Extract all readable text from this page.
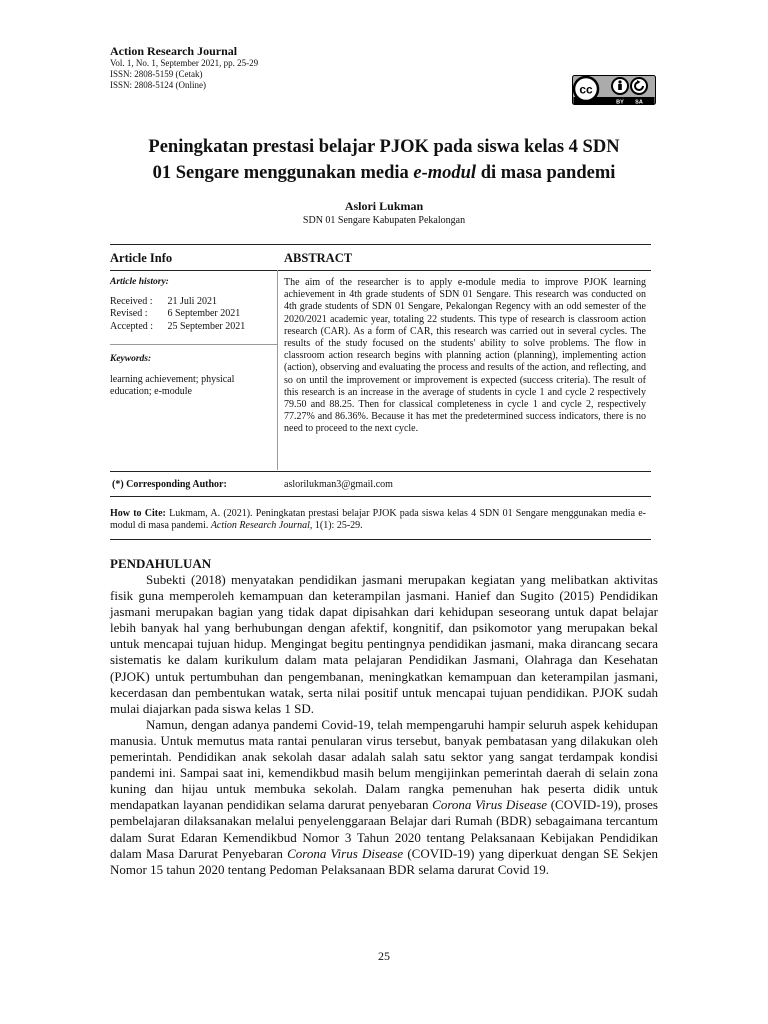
Action Research Journal
Vol. 1, No. 1, September 2021, pp. 25-29
ISSN: 2808-5159 (Cetak)
ISSN: 2808-5124 (Online)	cc
BY SA
Peningkatan prestasi belajar PJOK pada siswa kelas 4 SDN
01 Sengare menggunakan media e-modul di masa pandemi
Aslori Lukman
SDN 01 Sengare Kabupaten Pekalongan
Article Info	ABSTRACT
Article history:
Received : 21 Juli 2021
Revised : 6 September 2021
Accepted : 25 September 2021
Keywords:
learning achievement; physical
education; e-module
The aim of the researcher is to apply e-module media to improve PJOK learning achievement in 4th grade students of SDN 01 Sengare. This research was conducted on 4th grade students of SDN 01 Sengare, Pekalongan Regency with an odd semester of the 2020/2021 academic year, totaling 22 students. This type of research is classroom action research (CAR). As a form of CAR, this research was carried out in several cycles. The results of the study focused on the students' ability to solve problems. The flow in classroom action research begins with planning action (planning), implementing action (action), observing and evaluating the process and results of the action, and reflecting, and so on until the improvement or improvement is expected (success criteria). The result of this research is an increase in the average of students in cycle 1 and cycle 2 respectively 79.50 and 88.25. Then for classical completeness in cycle 1 and cycle 2, respectively 77.27% and 86.36%. Because it has met the predetermined success indicators, there is no need to proceed to the next cycle.
(*) Corresponding Author:	aslorilukman3@gmail.com
How to Cite: Lukmam, A. (2021). Peningkatan prestasi belajar PJOK pada siswa kelas 4 SDN 01 Sengare menggunakan media e-modul di masa pandemi. Action Research Journal, 1(1): 25-29.
PENDAHULUAN

Subekti (2018) menyatakan pendidikan jasmani merupakan kegiatan yang melibatkan aktivitas fisik guna memperoleh kemampuan dan keterampilan jasmani. Hanief dan Sugito (2015) Pendidikan jasmani merupakan bagian yang tidak dapat dipisahkan dari kehidupan seseorang untuk dapat belajar lebih banyak hal yang berhubungan dengan afektif, kongnitif, dan psikomotor yang merupakan bekal untuk mencapai tujuan hidup. Mengingat begitu pentingnya pendidikan jasmani, maka dirancang secara sistematis ke dalam kurikulum dalam mata pelajaran Pendidikan Jasmani, Olahraga dan Kesehatan (PJOK) untuk pertumbuhan dan pengembanan, meningkatkan kemampuan dan keterampilan jasmani, kecerdasan dan pembentukan watak, serta nilai positif untuk mencapai tujuan pendidikan. PJOK sudah mulai diajarkan pada siswa kelas 1 SD.

Namun, dengan adanya pandemi Covid-19, telah mempengaruhi hampir seluruh aspek kehidupan manusia. Untuk memutus mata rantai penularan virus tersebut, banyak pembatasan yang dilakukan oleh pemerintah. Pendidikan anak sekolah dasar adalah salah satu sektor yang sangat terdampak kondisi pandemi ini. Sampai saat ini, kemendikbud masih belum mengijinkan pemerintah daerah di selain zona kuning dan hijau untuk membuka sekolah. Dalam rangka pemenuhan hak peserta didik untuk mendapatkan layanan pendidikan selama darurat penyebaran Corona Virus Disease (COVID-19), proses pembelajaran dilaksanakan melalui penyelenggaraan Belajar dari Rumah (BDR) sebagaimana tercantum dalam Surat Edaran Kemendikbud Nomor 3 Tahun 2020 tentang Pelaksanaan Kebijakan Pendidikan dalam Masa Darurat Penyebaran Corona Virus Disease (COVID-19) yang diperkuat dengan SE Sekjen Nomor 15 tahun 2020 tentang Pedoman Pelaksanaan BDR selama darurat Covid 19.

25
